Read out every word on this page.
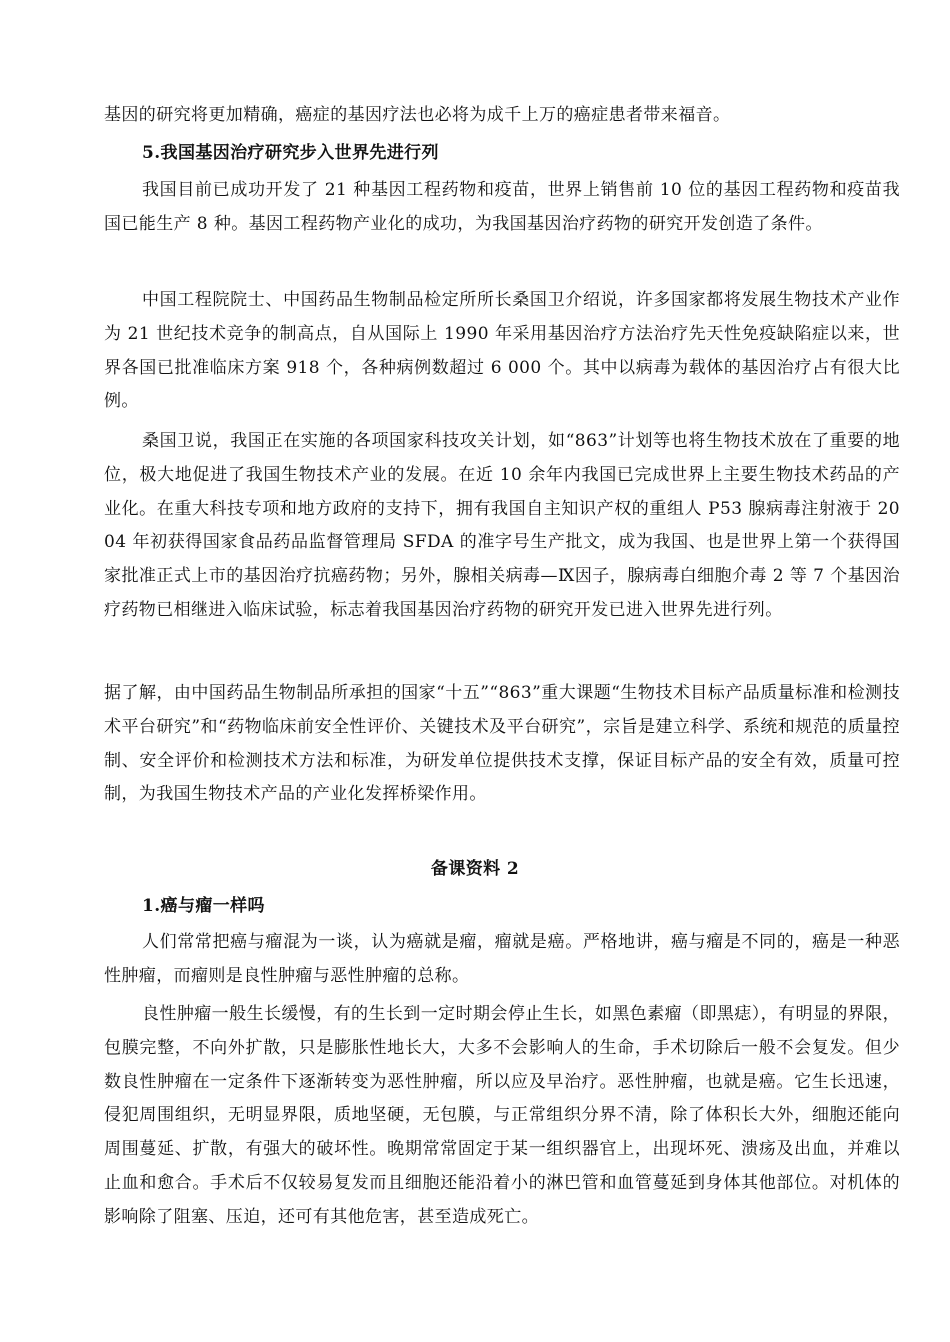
基因的研究将更加精确，癌症的基因疗法也必将为成千上万的癌症患者带来福音。

5.我国基因治疗研究步入世界先进行列

我国目前已成功开发了 21 种基因工程药物和疫苗，世界上销售前 10 位的基因工程药物和疫苗我国已能生产 8 种。基因工程药物产业化的成功，为我国基因治疗药物的研究开发创造了条件。

中国工程院院士、中国药品生物制品检定所所长桑国卫介绍说，许多国家都将发展生物技术产业作为 21 世纪技术竞争的制高点，自从国际上 1990 年采用基因治疗方法治疗先天性免疫缺陷症以来，世界各国已批准临床方案 918 个，各种病例数超过 6 000 个。其中以病毒为载体的基因治疗占有很大比例。

桑国卫说，我国正在实施的各项国家科技攻关计划，如“863”计划等也将生物技术放在了重要的地位，极大地促进了我国生物技术产业的发展。在近 10 余年内我国已完成世界上主要生物技术药品的产业化。在重大科技专项和地方政府的支持下，拥有我国自主知识产权的重组人 P53 腺病毒注射液于 2004 年初获得国家食品药品监督管理局 SFDA 的准字号生产批文，成为我国、也是世界上第一个获得国家批准正式上市的基因治疗抗癌药物；另外，腺相关病毒—Ⅸ因子，腺病毒白细胞介毒 2 等 7 个基因治疗药物已相继进入临床试验，标志着我国基因治疗药物的研究开发已进入世界先进行列。

据了解，由中国药品生物制品所承担的国家“十五”“863”重大课题“生物技术目标产品质量标准和检测技术平台研究”和“药物临床前安全性评价、关键技术及平台研究”，宗旨是建立科学、系统和规范的质量控制、安全评价和检测技术方法和标准，为研发单位提供技术支撑，保证目标产品的安全有效，质量可控制，为我国生物技术产品的产业化发挥桥梁作用。

备课资料 2

1.癌与瘤一样吗

人们常常把癌与瘤混为一谈，认为癌就是瘤，瘤就是癌。严格地讲，癌与瘤是不同的，癌是一种恶性肿瘤，而瘤则是良性肿瘤与恶性肿瘤的总称。

良性肿瘤一般生长缓慢，有的生长到一定时期会停止生长，如黑色素瘤（即黑痣），有明显的界限，包膜完整，不向外扩散，只是膨胀性地长大，大多不会影响人的生命，手术切除后一般不会复发。但少数良性肿瘤在一定条件下逐渐转变为恶性肿瘤，所以应及早治疗。恶性肿瘤，也就是癌。它生长迅速，侵犯周围组织，无明显界限，质地坚硬，无包膜，与正常组织分界不清，除了体积长大外，细胞还能向周围蔓延、扩散，有强大的破坏性。晚期常常固定于某一组织器官上，出现坏死、溃疡及出血，并难以止血和愈合。手术后不仅较易复发而且细胞还能沿着小的淋巴管和血管蔓延到身体其他部位。对机体的影响除了阻塞、压迫，还可有其他危害，甚至造成死亡。
